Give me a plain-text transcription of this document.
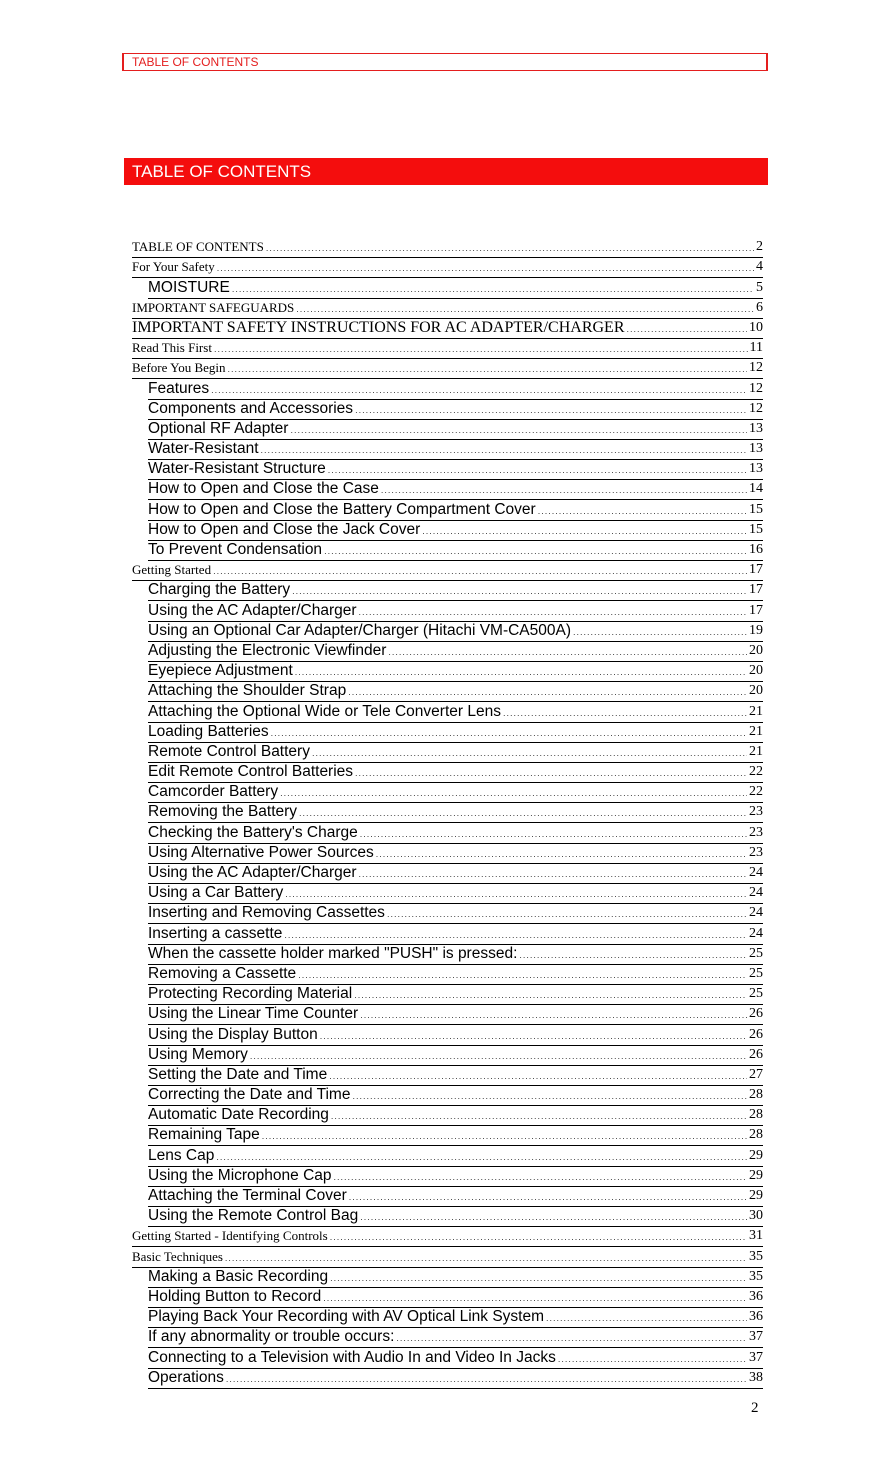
TABLE OF CONTENTS
TABLE OF CONTENTS
TABLE OF CONTENTS .....	2
For Your Safety .....	4
MOISTURE .....	5
IMPORTANT SAFEGUARDS .....	6
IMPORTANT SAFETY INSTRUCTIONS FOR AC ADAPTER/CHARGER .....	10
Read This First .....	11
Before You Begin .....	12
Features .....	12
Components and Accessories .....	12
Optional RF Adapter .....	13
Water-Resistant .....	13
Water-Resistant Structure .....	13
How to Open and Close the Case .....	14
How to Open and Close the Battery Compartment Cover .....	15
How to Open and Close the Jack Cover .....	15
To Prevent Condensation .....	16
Getting Started .....	17
Charging the Battery .....	17
Using the AC Adapter/Charger .....	17
Using an Optional Car Adapter/Charger (Hitachi VM-CA500A) .....	19
Adjusting the Electronic Viewfinder .....	20
Eyepiece Adjustment .....	20
Attaching the Shoulder Strap .....	20
Attaching the Optional Wide or Tele Converter Lens .....	21
Loading Batteries .....	21
Remote Control Battery .....	21
Edit Remote Control Batteries .....	22
Camcorder Battery .....	22
Removing the Battery .....	23
Checking the Battery's Charge .....	23
Using Alternative Power Sources .....	23
Using the AC Adapter/Charger .....	24
Using a Car Battery .....	24
Inserting and Removing Cassettes .....	24
Inserting a cassette .....	24
When the cassette holder marked "PUSH" is pressed: .....	25
Removing a Cassette .....	25
Protecting Recording Material .....	25
Using the Linear Time Counter .....	26
Using the Display Button .....	26
Using Memory .....	26
Setting the Date and Time .....	27
Correcting the Date and Time .....	28
Automatic Date Recording .....	28
Remaining Tape .....	28
Lens Cap .....	29
Using the Microphone Cap .....	29
Attaching the Terminal Cover .....	29
Using the Remote Control Bag .....	30
Getting Started - Identifying Controls .....	31
Basic Techniques .....	35
Making a Basic Recording .....	35
Holding Button to Record .....	36
Playing Back Your Recording with AV Optical Link System .....	36
If any abnormality or trouble occurs: .....	37
Connecting to a Television with Audio In and Video In Jacks .....	37
Operations .....	38
2
